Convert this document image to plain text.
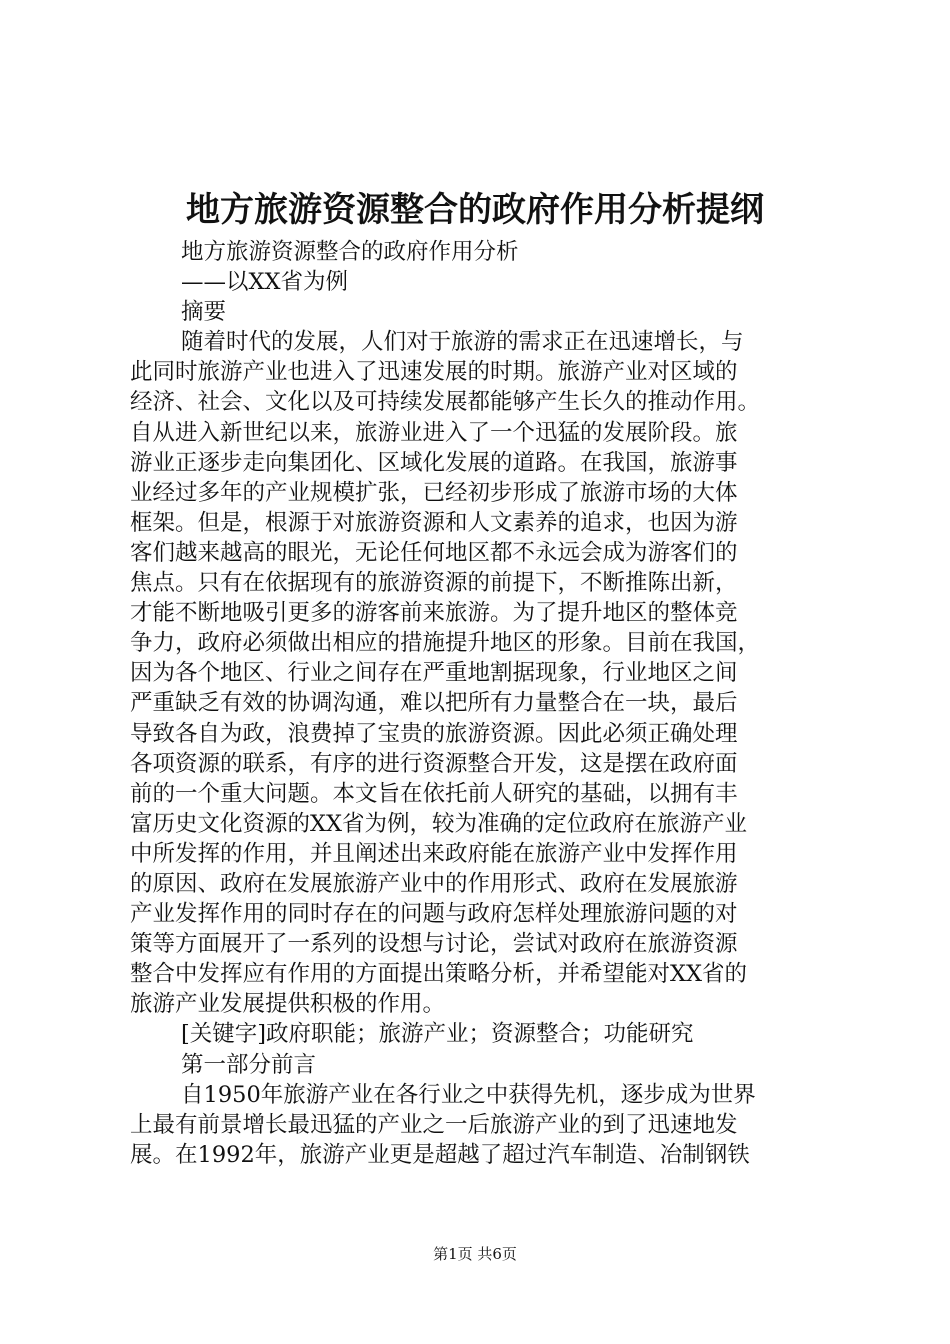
地方旅游资源整合的政府作用分析提纲
地方旅游资源整合的政府作用分析
——以XX省为例
摘要
随着时代的发展，人们对于旅游的需求正在迅速增长，与
此同时旅游产业也进入了迅速发展的时期。旅游产业对区域的
经济、社会、文化以及可持续发展都能够产生长久的推动作用。
自从进入新世纪以来，旅游业进入了一个迅猛的发展阶段。旅
游业正逐步走向集团化、区域化发展的道路。在我国，旅游事
业经过多年的产业规模扩张，已经初步形成了旅游市场的大体
框架。但是，根源于对旅游资源和人文素养的追求，也因为游
客们越来越高的眼光，无论任何地区都不永远会成为游客们的
焦点。只有在依据现有的旅游资源的前提下，不断推陈出新，
才能不断地吸引更多的游客前来旅游。为了提升地区的整体竞
争力，政府必须做出相应的措施提升地区的形象。目前在我国，
因为各个地区、行业之间存在严重地割据现象，行业地区之间
严重缺乏有效的协调沟通，难以把所有力量整合在一块，最后
导致各自为政，浪费掉了宝贵的旅游资源。因此必须正确处理
各项资源的联系，有序的进行资源整合开发，这是摆在政府面
前的一个重大问题。本文旨在依托前人研究的基础，以拥有丰
富历史文化资源的XX省为例，较为准确的定位政府在旅游产业
中所发挥的作用，并且阐述出来政府能在旅游产业中发挥作用
的原因、政府在发展旅游产业中的作用形式、政府在发展旅游
产业发挥作用的同时存在的问题与政府怎样处理旅游问题的对
策等方面展开了一系列的设想与讨论，尝试对政府在旅游资源
整合中发挥应有作用的方面提出策略分析，并希望能对XX省的
旅游产业发展提供积极的作用。
[关键字]政府职能；旅游产业；资源整合；功能研究
第一部分前言
自1950年旅游产业在各行业之中获得先机，逐步成为世界
上最有前景增长最迅猛的产业之一后旅游产业的到了迅速地发
展。在1992年，旅游产业更是超越了超过汽车制造、冶制钢铁
第1页 共6页
